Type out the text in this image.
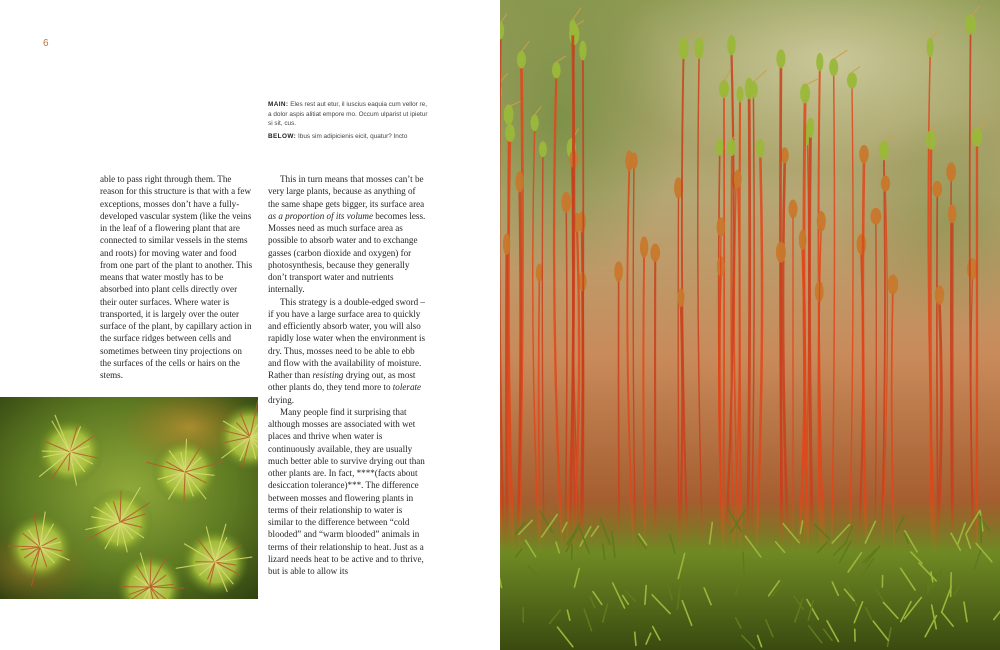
6

MAIN: Eles rest aut etur, il iuscius eaquia cum vellor re, a dolor aspis alitiat empore mo. Occum ulparist ut ipietur si sit, cus.

BELOW: Ibus sim adipicienis eicit, quatur? Incto

able to pass right through them. The reason for this structure is that with a few exceptions, mosses don’t have a fully-developed vascular system (like the veins in the leaf of a flowering plant that are connected to similar vessels in the stems and roots) for moving water and food from one part of the plant to another. This means that water mostly has to be absorbed into plant cells directly over their outer surfaces. Where water is transported, it is largely over the outer surface of the plant, by capillary action in the surface ridges between cells and sometimes between tiny projections on the surfaces of the cells or hairs on the stems.

This in turn means that mosses can’t be very large plants, because as anything of the same shape gets bigger, its surface area as a proportion of its volume becomes less. Mosses need as much surface area as possible to absorb water and to exchange gasses (carbon dioxide and oxygen) for photosynthesis, because they generally don’t transport water and nutrients internally.

This strategy is a double-edged sword – if you have a large surface area to quickly and efficiently absorb water, you will also rapidly lose water when the environment is dry. Thus, mosses need to be able to ebb and flow with the availability of moisture. Rather than resisting drying out, as most other plants do, they tend more to tolerate drying.

Many people find it surprising that although mosses are associated with wet places and thrive when water is continuously available, they are usually much better able to survive drying out than other plants are. In fact, ****(facts about desiccation tolerance)***. The difference between mosses and flowering plants in terms of their relationship to water is similar to the difference between “cold blooded” and “warm blooded” animals in terms of their relationship to heat. Just as a lizard needs heat to be active and to thrive, but is able to allow its
